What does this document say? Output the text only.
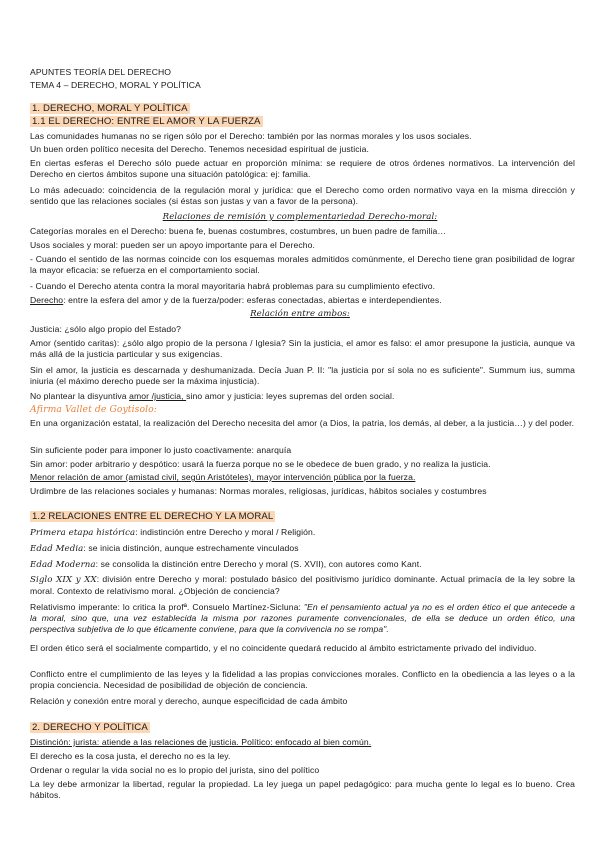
APUNTES TEORÍA DEL DERECHO
TEMA 4 – DERECHO, MORAL Y POLÍTICA
1. DERECHO, MORAL Y POLÍTICA
1.1 EL DERECHO: ENTRE EL AMOR Y LA FUERZA
Las comunidades humanas no se rigen sólo por el Derecho: también por las normas morales y los usos sociales.
Un buen orden político necesita del Derecho. Tenemos necesidad espiritual de justicia.
En ciertas esferas el Derecho sólo puede actuar en proporción mínima: se requiere de otros órdenes normativos. La intervención del Derecho en ciertos ámbitos supone una situación patológica: ej: familia.
Lo más adecuado: coincidencia de la regulación moral y jurídica: que el Derecho como orden normativo vaya en la misma dirección y sentido que las relaciones sociales (si éstas son justas y van a favor de la persona).
Relaciones de remisión y complementariedad Derecho-moral:
Categorías morales en el Derecho: buena fe, buenas costumbres, costumbres, un buen padre de familia…
Usos sociales y moral: pueden ser un apoyo importante para el Derecho.
- Cuando el sentido de las normas coincide con los esquemas morales admitidos comúnmente, el Derecho tiene gran posibilidad de lograr la mayor eficacia: se refuerza en el comportamiento social.
- Cuando el Derecho atenta contra la moral mayoritaria habrá problemas para su cumplimiento efectivo.
Derecho: entre la esfera del amor y de la fuerza/poder: esferas conectadas, abiertas e interdependientes.
Relación entre ambos:
Justicia: ¿sólo algo propio del Estado?
Amor (sentido caritas): ¿sólo algo propio de la persona / Iglesia? Sin la justicia, el amor es falso: el amor presupone la justicia, aunque va más allá de la justicia particular y sus exigencias.
Sin el amor, la justicia es descarnada y deshumanizada. Decía Juan P. II: "la justicia por sí sola no es suficiente". Summum ius, summa iniuria (el máximo derecho puede ser la máxima injusticia).
No plantear la disyuntiva amor /justicia, sino amor y justicia: leyes supremas del orden social.
Afirma Vallet de Goytisolo:
En una organización estatal, la realización del Derecho necesita del amor (a Dios, la patria, los demás, al deber, a la justicia…) y del poder.
Sin suficiente poder para imponer lo justo coactivamente: anarquía
Sin amor: poder arbitrario y despótico: usará la fuerza porque no se le obedece de buen grado, y no realiza la justicia.
Menor relación de amor (amistad civil, según Aristóteles), mayor intervención pública por la fuerza.
Urdimbre de las relaciones sociales y humanas: Normas morales, religiosas, jurídicas, hábitos sociales y costumbres
1.2 RELACIONES ENTRE EL DERECHO Y LA MORAL
Primera etapa histórica: indistinción entre Derecho y moral / Religión.
Edad Media: se inicia distinción, aunque estrechamente vinculados
Edad Moderna: se consolida la distinción entre Derecho y moral (S. XVII), con autores como Kant.
Siglo XIX y XX: división entre Derecho y moral: postulado básico del positivismo jurídico dominante. Actual primacía de la ley sobre la moral. Contexto de relativismo moral. ¿Objeción de conciencia?
Relativismo imperante: lo critica la profª. Consuelo Martínez-Sicluna: "En el pensamiento actual ya no es el orden ético el que antecede a la moral, sino que, una vez establecida la misma por razones puramente convencionales, de ella se deduce un orden ético, una perspectiva subjetiva de lo que éticamente conviene, para que la convivencia no se rompa".
El orden ético será el socialmente compartido, y el no coincidente quedará reducido al ámbito estrictamente privado del individuo.
Conflicto entre el cumplimiento de las leyes y la fidelidad a las propias convicciones morales. Conflicto en la obediencia a las leyes o a la propia conciencia. Necesidad de posibilidad de objeción de conciencia.
Relación y conexión entre moral y derecho, aunque especificidad de cada ámbito
2. DERECHO Y POLÍTICA
Distinción: jurista: atiende a las relaciones de justicia. Político: enfocado al bien común.
El derecho es la cosa justa, el derecho no es la ley.
Ordenar o regular la vida social no es lo propio del jurista, sino del político
La ley debe armonizar la libertad, regular la propiedad. La ley juega un papel pedagógico: para mucha gente lo legal es lo bueno. Crea hábitos.
